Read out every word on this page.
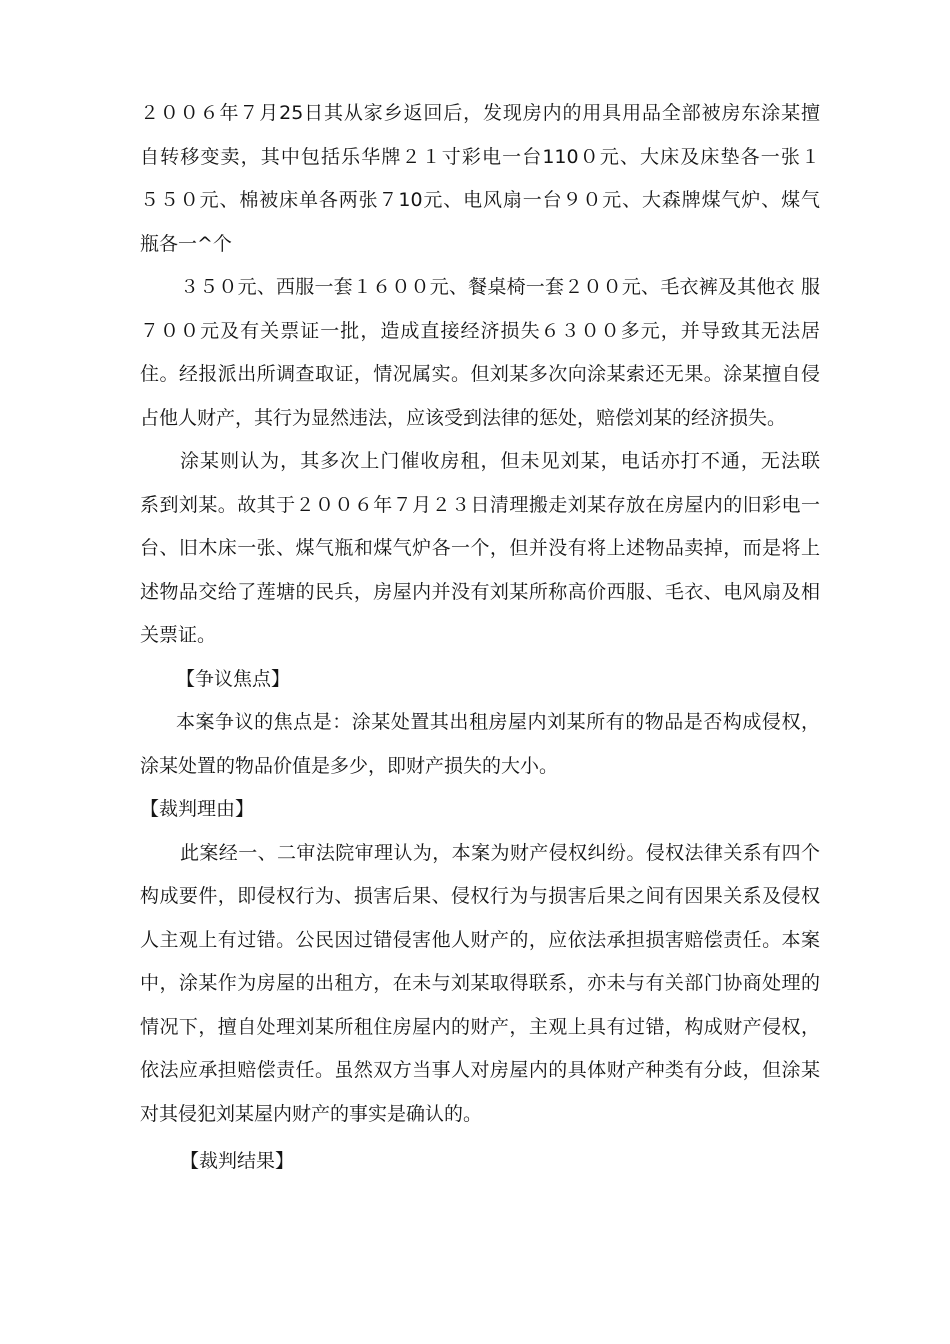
２００６年７月25日其从家乡返回后，发现房内的用具用品全部被房东涂某擅
自转移变卖，其中包括乐华牌２１寸彩电一台110０元、大床及床垫各一张１
５５０元、棉被床单各两张７10元、电风扇一台９０元、大森牌煤气炉、煤气
瓶各一^个
３５０元、西服一套１６００元、餐桌椅一套２００元、毛衣裤及其他衣 服
７００元及有关票证一批，造成直接经济损失６３００多元，并导致其无法居
住。经报派出所调查取证，情况属实。但刘某多次向涂某索还无果。涂某擅自侵
占他人财产，其行为显然违法，应该受到法律的惩处，赔偿刘某的经济损失。
涂某则认为，其多次上门催收房租，但未见刘某，电话亦打不通，无法联
系到刘某。故其于２００６年７月２３日清理搬走刘某存放在房屋内的旧彩电一
台、旧木床一张、煤气瓶和煤气炉各一个，但并没有将上述物品卖掉，而是将上
述物品交给了莲塘的民兵，房屋内并没有刘某所称高价西服、毛衣、电风扇及相
关票证。
【争议焦点】
本案争议的焦点是：涂某处置其出租房屋内刘某所有的物品是否构成侵权，
涂某处置的物品价值是多少，即财产损失的大小。
【裁判理由】
此案经一、二审法院审理认为，本案为财产侵权纠纷。侵权法律关系有四个
构成要件，即侵权行为、损害后果、侵权行为与损害后果之间有因果关系及侵权
人主观上有过错。公民因过错侵害他人财产的，应依法承担损害赔偿责任。本案
中，涂某作为房屋的出租方，在未与刘某取得联系，亦未与有关部门协商处理的
情况下，擅自处理刘某所租住房屋内的财产，主观上具有过错，构成财产侵权，
依法应承担赔偿责任。虽然双方当事人对房屋内的具体财产种类有分歧，但涂某
对其侵犯刘某屋内财产的事实是确认的。
【裁判结果】
